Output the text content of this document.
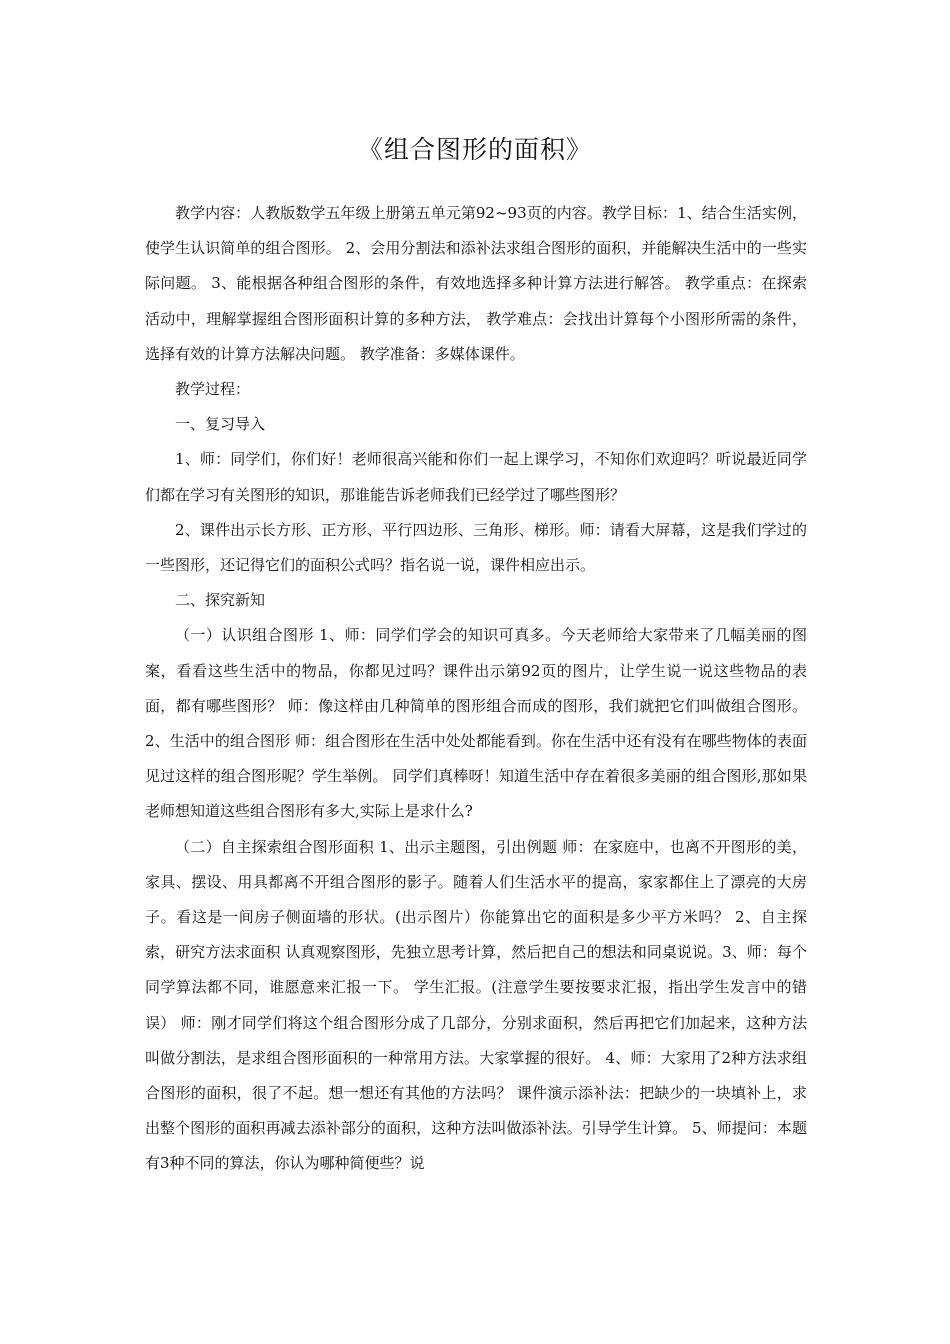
《组合图形的面积》

教学内容：人教版数学五年级上册第五单元第92~93页的内容。教学目标：1、结合生活实例，使学生认识简单的组合图形。 2、会用分割法和添补法求组合图形的面积，并能解决生活中的一些实际问题。 3、能根据各种组合图形的条件，有效地选择多种计算方法进行解答。 教学重点：在探索活动中，理解掌握组合图形面积计算的多种方法， 教学难点：会找出计算每个小图形所需的条件，选择有效的计算方法解决问题。 教学准备：多媒体课件。

教学过程：

一、复习导入

1、师：同学们，你们好！老师很高兴能和你们一起上课学习，不知你们欢迎吗？听说最近同学们都在学习有关图形的知识，那谁能告诉老师我们已经学过了哪些图形？

2、课件出示长方形、正方形、平行四边形、三角形、梯形。师：请看大屏幕，这是我们学过的一些图形，还记得它们的面积公式吗？指名说一说，课件相应出示。

二、探究新知

（一）认识组合图形 1、师：同学们学会的知识可真多。今天老师给大家带来了几幅美丽的图案，看看这些生活中的物品，你都见过吗？课件出示第92页的图片，让学生说一说这些物品的表面，都有哪些图形？ 师：像这样由几种简单的图形组合而成的图形，我们就把它们叫做组合图形。 2、生活中的组合图形 师：组合图形在生活中处处都能看到。你在生活中还有没有在哪些物体的表面见过这样的组合图形呢？学生举例。 同学们真棒呀！知道生活中存在着很多美丽的组合图形,那如果老师想知道这些组合图形有多大,实际上是求什么?

（二）自主探索组合图形面积 1、出示主题图，引出例题 师：在家庭中，也离不开图形的美，家具、摆设、用具都离不开组合图形的影子。随着人们生活水平的提高，家家都住上了漂亮的大房子。看这是一间房子侧面墙的形状。(出示图片）你能算出它的面积是多少平方米吗？ 2、自主探索，研究方法求面积 认真观察图形，先独立思考计算，然后把自己的想法和同桌说说。3、师：每个同学算法都不同，谁愿意来汇报一下。 学生汇报。(注意学生要按要求汇报，指出学生发言中的错误） 师：刚才同学们将这个组合图形分成了几部分，分别求面积，然后再把它们加起来，这种方法叫做分割法，是求组合图形面积的一种常用方法。大家掌握的很好。 4、师：大家用了2种方法求组合图形的面积，很了不起。想一想还有其他的方法吗？ 课件演示添补法：把缺少的一块填补上，求出整个图形的面积再减去添补部分的面积，这种方法叫做添补法。引导学生计算。 5、师提问：本题有3种不同的算法，你认为哪种简便些？说
